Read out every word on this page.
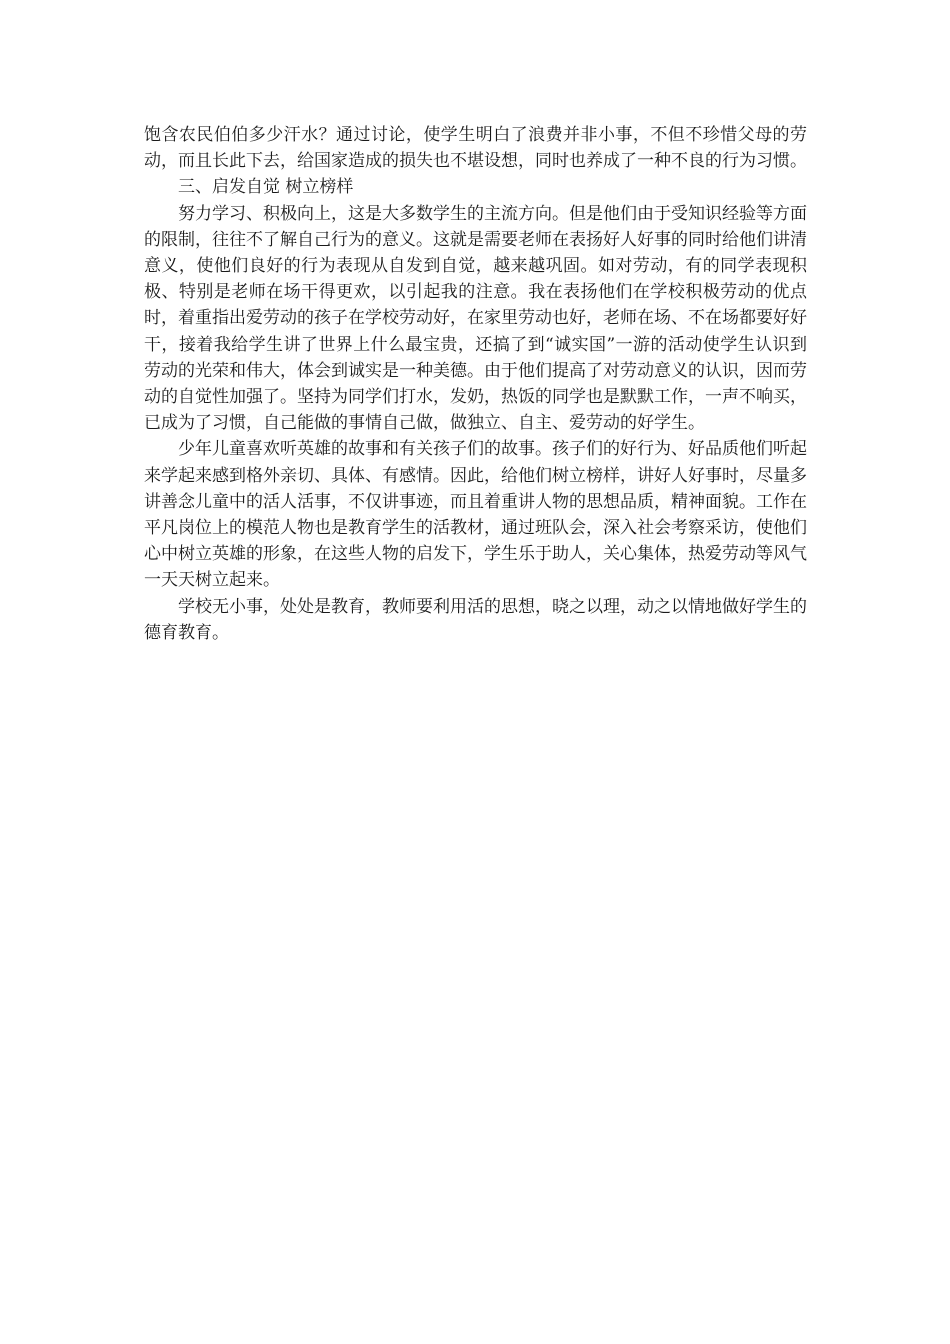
饱含农民伯伯多少汗水？通过讨论，使学生明白了浪费并非小事，不但不珍惜父母的劳动，而且长此下去，给国家造成的损失也不堪设想，同时也养成了一种不良的行为习惯。

三、启发自觉 树立榜样

努力学习、积极向上，这是大多数学生的主流方向。但是他们由于受知识经验等方面的限制，往往不了解自己行为的意义。这就是需要老师在表扬好人好事的同时给他们讲清意义，使他们良好的行为表现从自发到自觉，越来越巩固。如对劳动，有的同学表现积极、特别是老师在场干得更欢，以引起我的注意。我在表扬他们在学校积极劳动的优点时，着重指出爱劳动的孩子在学校劳动好，在家里劳动也好，老师在场、不在场都要好好干，接着我给学生讲了世界上什么最宝贵，还搞了到“诚实国”一游的活动使学生认识到劳动的光荣和伟大，体会到诚实是一种美德。由于他们提高了对劳动意义的认识，因而劳动的自觉性加强了。坚持为同学们打水，发奶，热饭的同学也是默默工作，一声不响买，已成为了习惯，自己能做的事情自己做，做独立、自主、爱劳动的好学生。

少年儿童喜欢听英雄的故事和有关孩子们的故事。孩子们的好行为、好品质他们听起来学起来感到格外亲切、具体、有感情。因此，给他们树立榜样，讲好人好事时，尽量多讲善念儿童中的活人活事，不仅讲事迹，而且着重讲人物的思想品质，精神面貌。工作在平凡岗位上的模范人物也是教育学生的活教材，通过班队会，深入社会考察采访，使他们心中树立英雄的形象，在这些人物的启发下，学生乐于助人，关心集体，热爱劳动等风气一天天树立起来。

学校无小事，处处是教育，教师要利用活的思想，晓之以理，动之以情地做好学生的德育教育。
